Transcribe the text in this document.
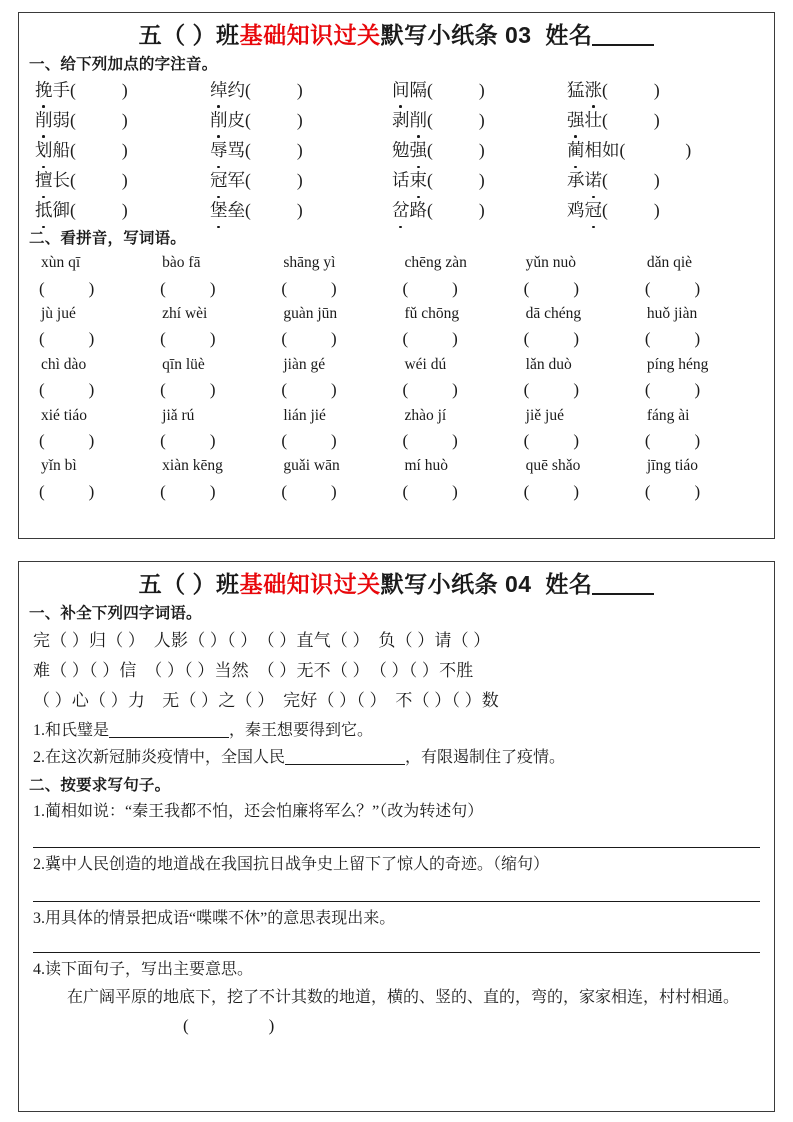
五（ ）班基础知识过关默写小纸条 03 姓名
一、给下列加点的字注音。
挽手(	)	绰约(	)	间隔(	)	猛涨(	)
削弱(	)	削皮(	)	剥削(	)	强壮(	)
划船(	)	辱骂(	)	勉强(	)	蔺相如(	)
擅长(	)	冠军(	)	话束(	)	承诺(	)
抵御(	)	堡垒(	)	岔路(	)	鸡冠(	)
二、看拼音，写词语。
xùn qī	bào fā	shāng yì	chēng zàn	yǔn nuò	dǎn qiè
(	)	(	)	(	)	(	)	(	)	(	)
jù jué	zhí wèi	guàn jūn	fǔ chōng	dā chéng	huǒ jiàn
(	)	(	)	(	)	(	)	(	)	(	)
chì dào	qīn lüè	jiàn gé	wéi dú	lǎn duò	píng héng
(	)	(	)	(	)	(	)	(	)	(	)
xié tiáo	jiǎ rú	lián jié	zhào jí	jiě jué	fáng ài
(	)	(	)	(	)	(	)	(	)	(	)
yǐn bì	xiàn kēng	guǎi wān	mí huò	quē shǎo	jīng tiáo
(	)	(	)	(	)	(	)	(	)	(	)
五（ ）班基础知识过关默写小纸条 04 姓名
一、补全下列四字词语。
完（ ）归（ ）　人影（ ）（ ）　（ ）直气（ ）　负（ ）请（ ）
难（ ）（ ）信　（ ）（ ）当然　（ ）无不（ ）　（ ）（ ）不胜
（ ）心（ ）力　无（ ）之（ ）　完好（ ）（ ）　不（ ）（ ）数
1.和氏璧是	，秦王想要得到它。
2.在这次新冠肺炎疫情中，全国人民	，有限遏制住了疫情。
二、按要求写句子。
1.蔺相如说：“秦王我都不怕，还会怕廉将军么？”（改为转述句）
2.冀中人民创造的地道战在我国抗日战争史上留下了惊人的奇迹。（缩句）
3.用具体的情景把成语“喋喋不休”的意思表现出来。
4.读下面句子，写出主要意思。
在广阔平原的地底下，挖了不计其数的地道，横的、竖的、直的，弯的，家家相连，村村相通。(	)
